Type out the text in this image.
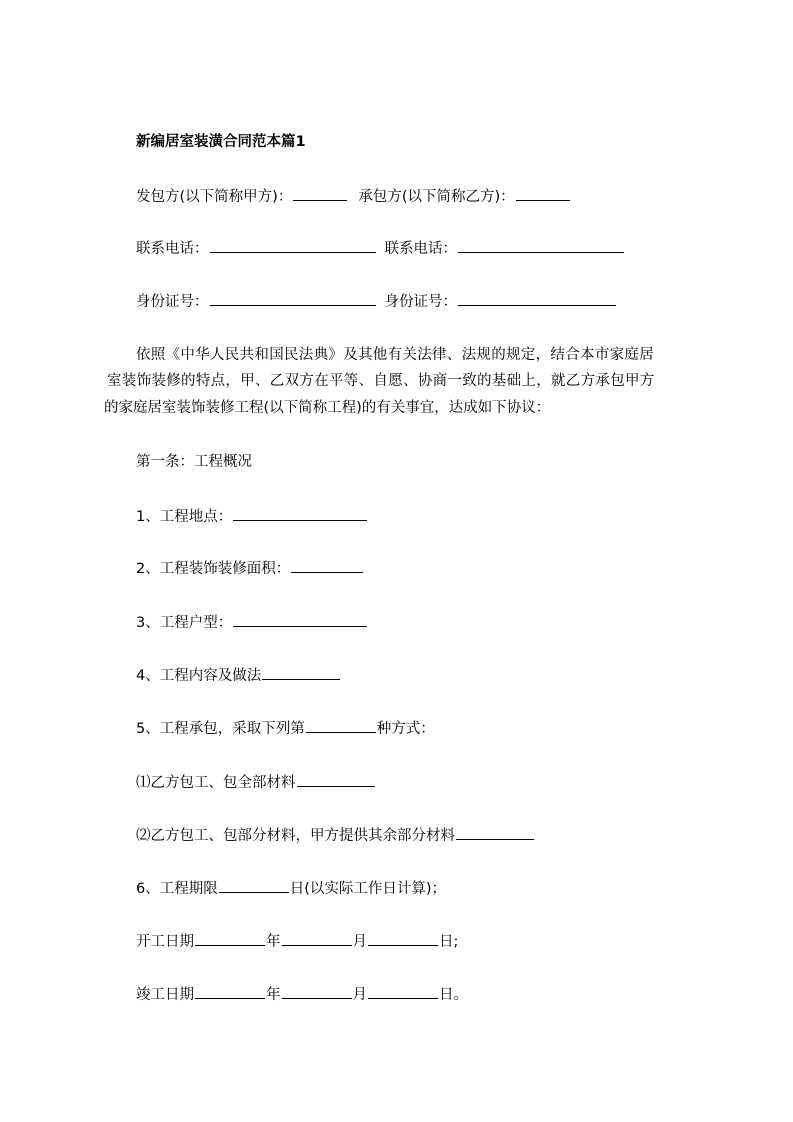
新编居室装潢合同范本篇1
发包方(以下简称甲方)：	承包方(以下简称乙方)：
联系电话：	联系电话：
身份证号：	身份证号：
依照《中华人民共和国民法典》及其他有关法律、法规的规定，结合本市家庭居
室装饰装修的特点，甲、乙双方在平等、自愿、协商一致的基础上，就乙方承包甲方
的家庭居室装饰装修工程(以下简称工程)的有关事宜，达成如下协议：
第一条：工程概况
1、工程地点：
2、工程装饰装修面积：
3、工程户型：
4、工程内容及做法
5、工程承包，采取下列第	种方式：
⑴乙方包工、包全部材料
⑵乙方包工、包部分材料，甲方提供其余部分材料
6、工程期限	日(以实际工作日计算)；
开工日期	年	月	日;
竣工日期	年	月	日。
